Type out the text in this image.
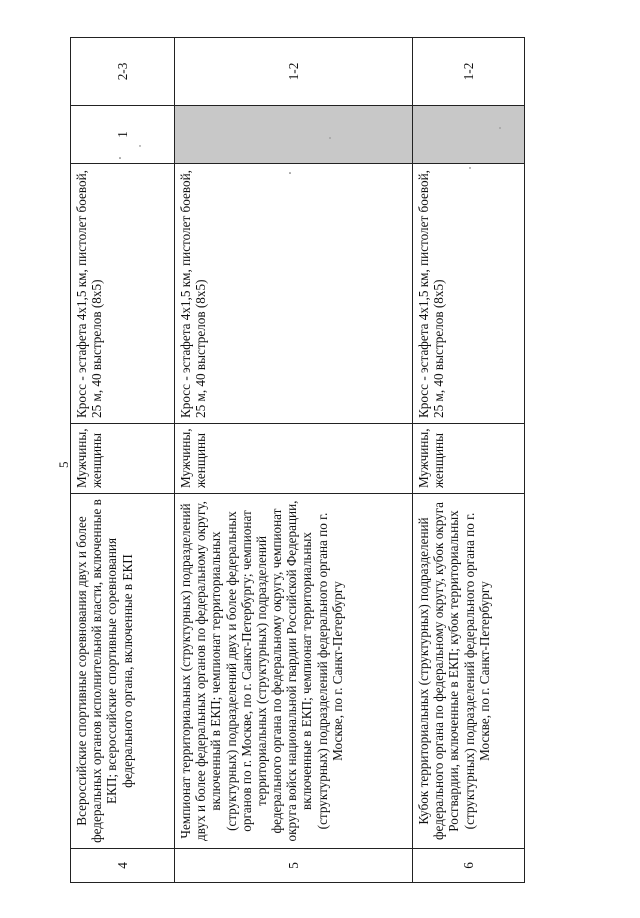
5
4	Всероссийские спортивные соревнования двух и более федеральных органов исполнительной власти, включенные в ЕКП; всероссийские спортивные соревнования федерального органа, включенные в ЕКП	Мужчины, женщины	Кросс - эстафета 4х1,5 км, пистолет боевой, 25 м, 40 выстрелов (8х5)	1	2-3
5	Чемпионат территориальных (структурных) подразделений двух и более федеральных органов по федеральному округу, включенный в ЕКП; чемпионат территориальных (структурных) подразделений двух и более федеральных органов по г. Москве, по г. Санкт-Петербургу; чемпионат территориальных (структурных) подразделений федерального органа по федеральному округу, чемпионат округа войск национальной гвардии Российской Федерации, включенные в ЕКП; чемпионат территориальных (структурных) подразделений федерального органа по г. Москве, по г. Санкт-Петербургу	Мужчины, женщины	Кросс - эстафета 4х1,5 км, пистолет боевой, 25 м, 40 выстрелов (8х5)		1-2
6	Кубок территориальных (структурных) подразделений федерального органа по федеральному округу, кубок округа Росгвардии, включенные в ЕКП; кубок территориальных (структурных) подразделений федерального органа по г. Москве, по г. Санкт-Петербургу	Мужчины, женщины	Кросс - эстафета 4х1,5 км, пистолет боевой, 25 м, 40 выстрелов (8х5)		1-2
